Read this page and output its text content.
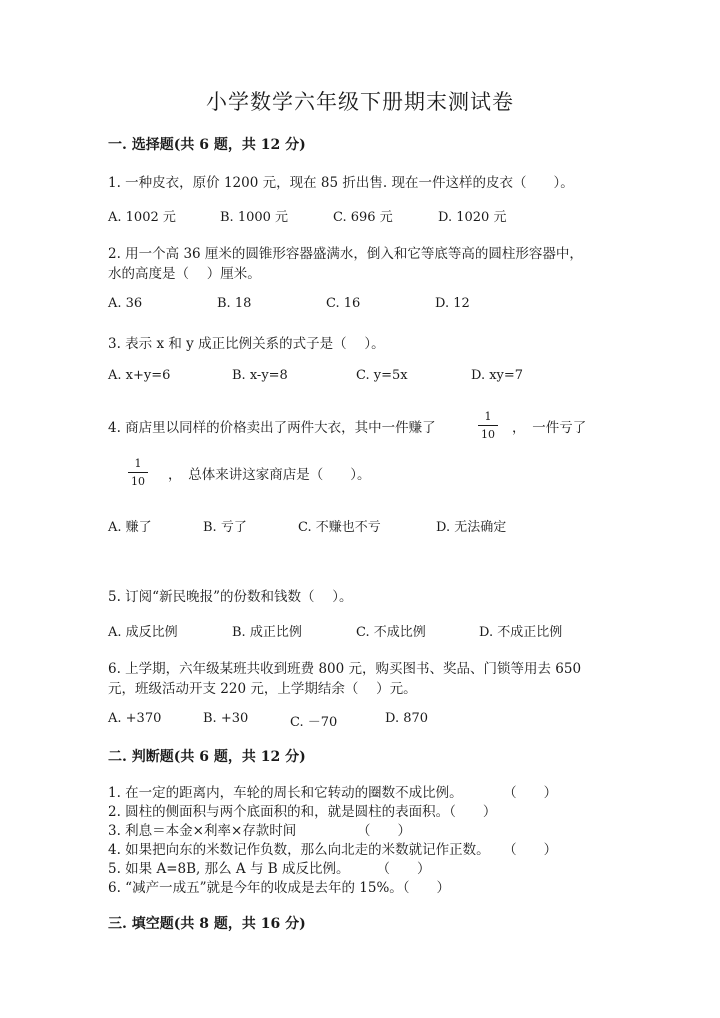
小学数学六年级下册期末测试卷
一. 选择题(共 6 题，共 12 分)
1. 一种皮衣，原价 1200 元，现在 85 折出售. 现在一件这样的皮衣（　　）。
A. 1002 元	B. 1000 元	C. 696 元	D. 1020 元
2. 用一个高 36 厘米的圆锥形容器盛满水，倒入和它等底等高的圆柱形容器中，
水的高度是（　 ）厘米。
A. 36	B. 18	C. 16	D. 12
3. 表示 x 和 y 成正比例关系的式子是（　 ）。
A. x+y=6	B. x-y=8	C. y=5x	D. xy=7
4. 商店里以同样的价格卖出了两件大衣，其中一件赚了	$\frac{1}{10}$ ，　一件亏了
$\frac{1}{10}$ ，　总体来讲这家商店是（　　）。
A. 赚了	B. 亏了	C. 不赚也不亏	D. 无法确定
5. 订阅“新民晚报”的份数和钱数（　 ）。
A. 成反比例	B. 成正比例	C. 不成比例	D. 不成正比例
6. 上学期，六年级某班共收到班费 800 元，购买图书、奖品、门锁等用去 650
元，班级活动开支 220 元，上学期结余（　 ）元。
A. +370	B. +30	C. －70	D. 870
二. 判断题(共 6 题，共 12 分)
1. 在一定的距离内，车轮的周长和它转动的圈数不成比例。　　　　（　　）
2. 圆柱的侧面积与两个底面积的和，就是圆柱的表面积。（　　）
3. 利息＝本金×利率×存款时间　　　　　（　　）
4. 如果把向东的米数记作负数，那么向北走的米数就记作正数。　　（　　）
5. 如果 A=8B, 那么 A 与 B 成反比例。　　　（　　）
6. “减产一成五”就是今年的收成是去年的 15%。（　　）
三. 填空题(共 8 题，共 16 分)
